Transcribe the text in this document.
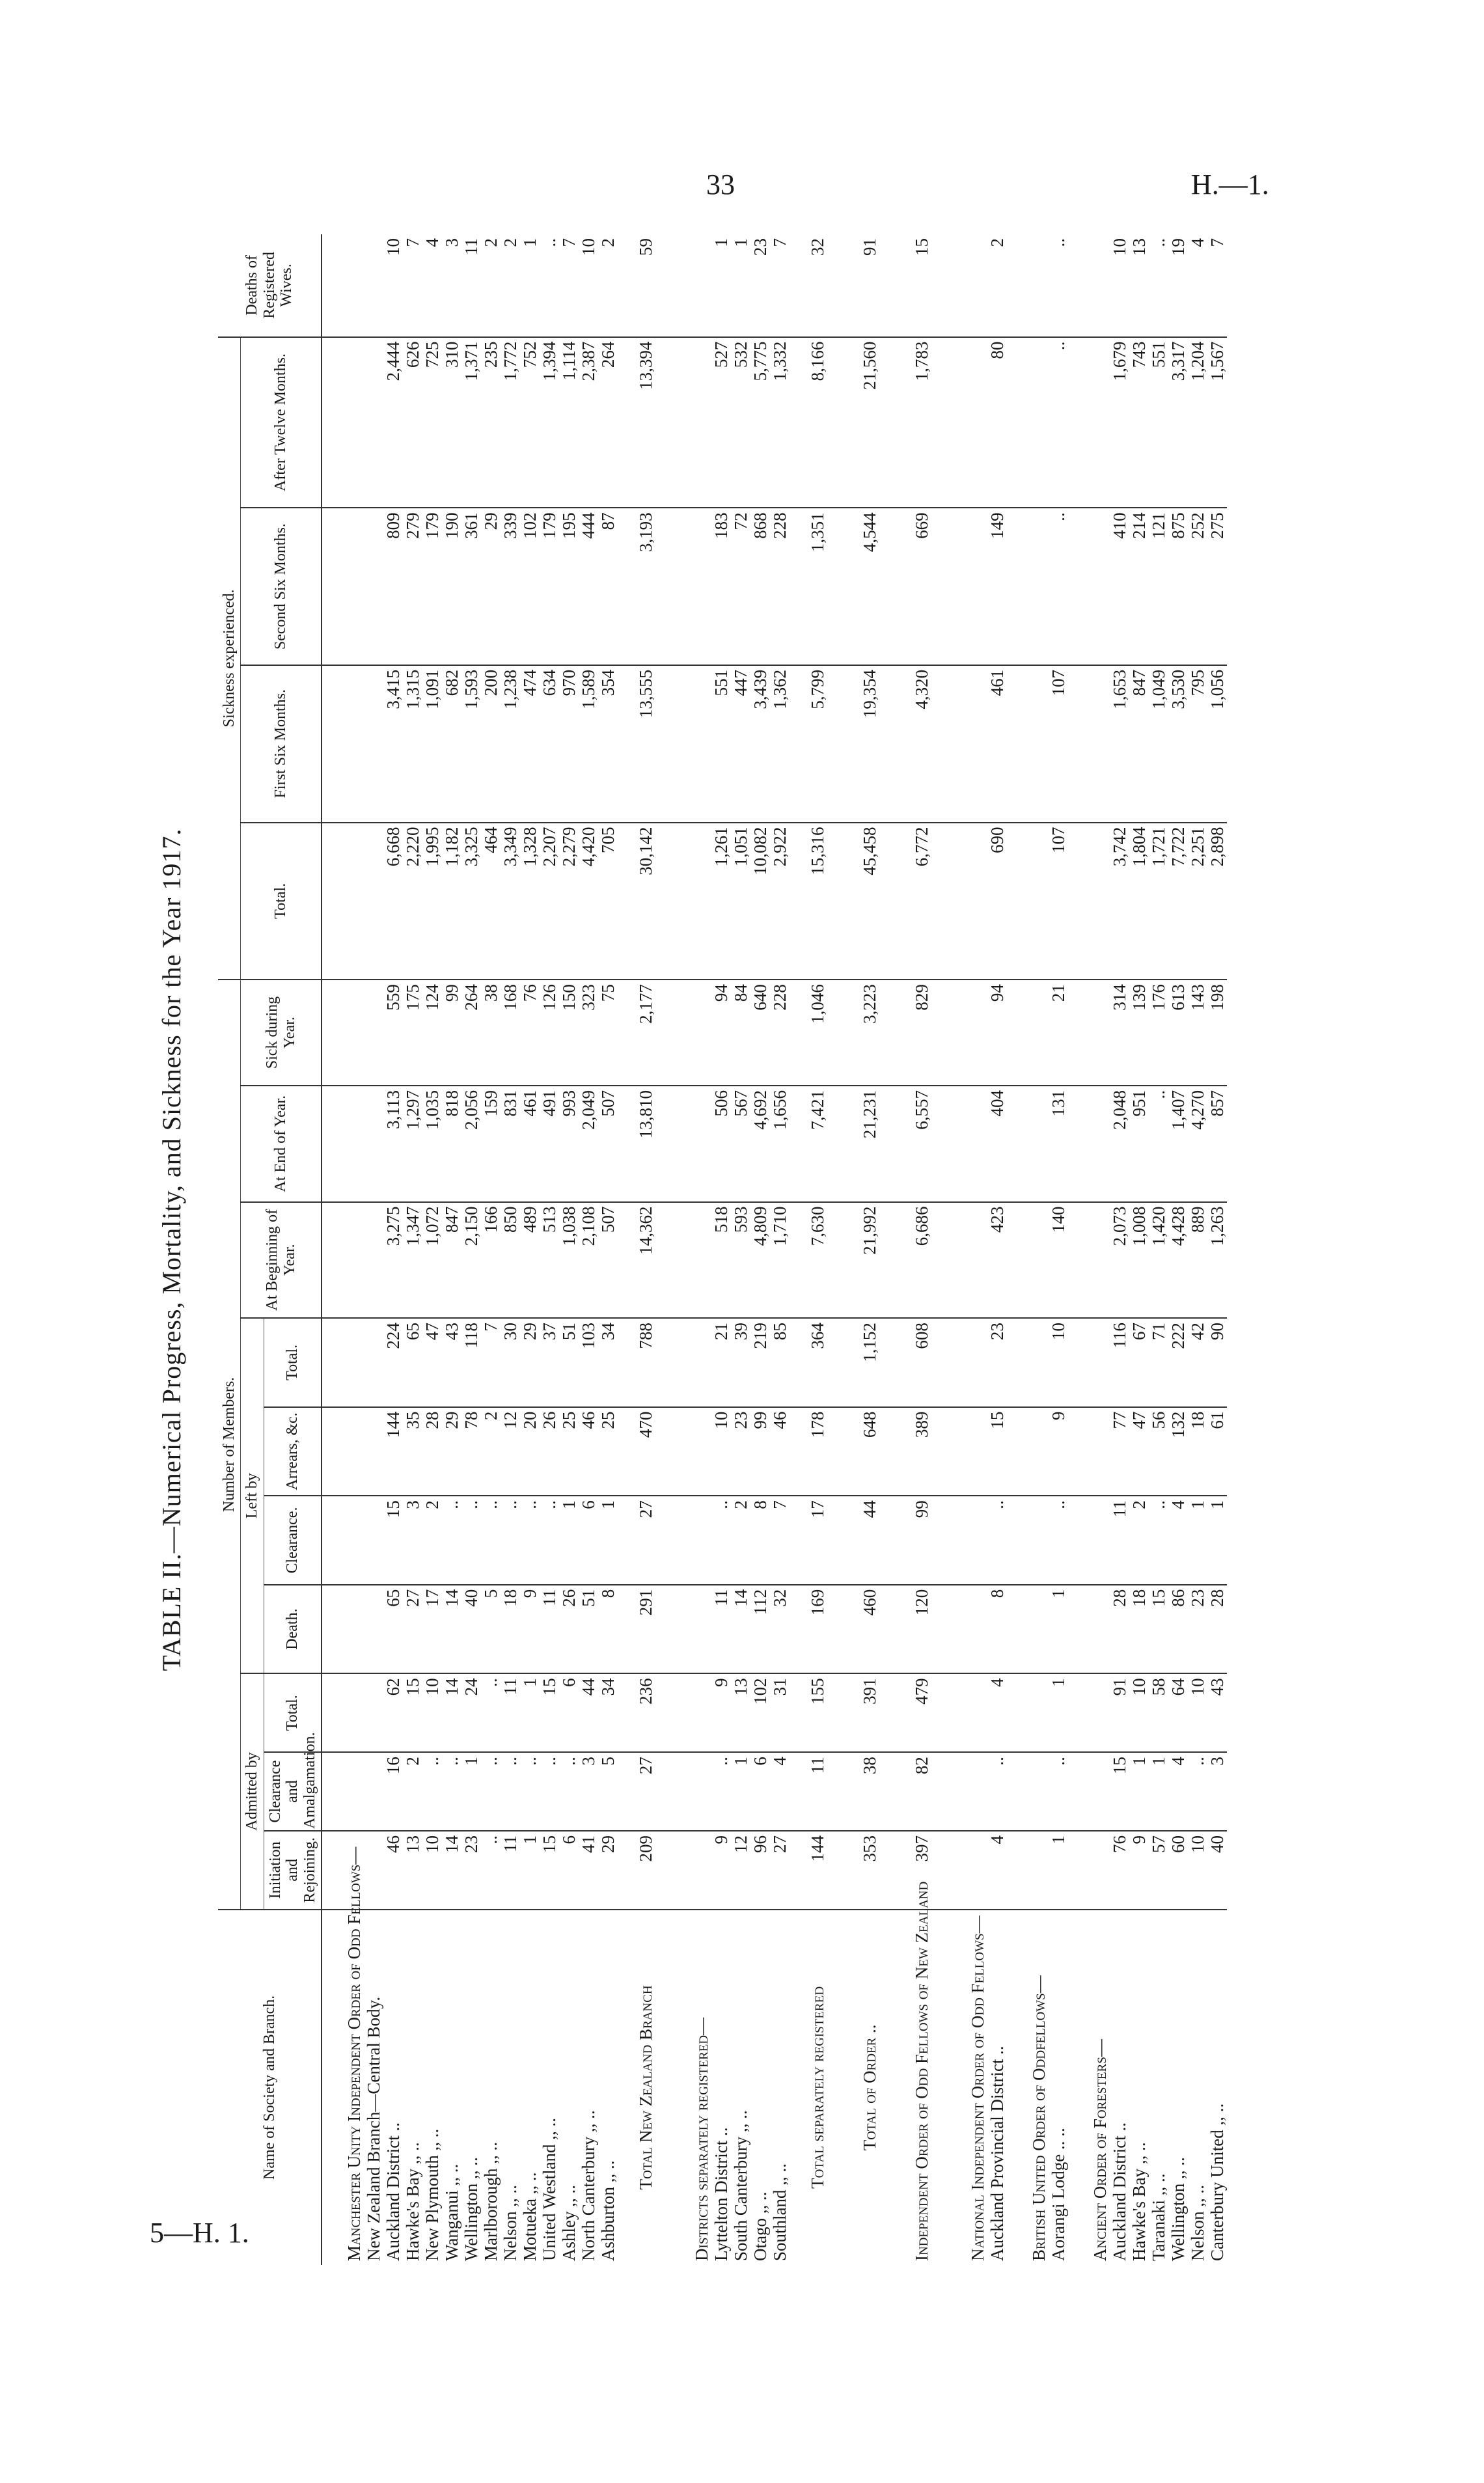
33	H.—1.
5—H. 1.
TABLE II.—Numerical Progress, Mortality, and Sickness for the Year 1917.
Name of Society and Branch.	Number of Members.										Sickness experienced.				Deaths of Registered Wives.
	Admitted by			Left by				At Beginning of Year.	At End of Year.	Sick during Year.	Total.	First Six Months.	Second Six Months.	After Twelve Months.	
	Initiation and Rejoining.	Clearance and Amalgamation.	Total.	Death.	Clearance.	Arrears, &c.	Total.								
Manchester Unity Independent Order of Odd Fellows—															
New Zealand Branch—Central Body.															
Auckland District ..	46	16	62	65	15	144	224	3,275	3,113	559	6,668	3,415	809	2,444	10
Hawke's Bay ,, ..	13	2	15	27	3	35	65	1,347	1,297	175	2,220	1,315	279	626	7
New Plymouth ,, ..	10	..	10	17	2	28	47	1,072	1,035	124	1,995	1,091	179	725	4
Wanganui ,, ..	14	..	14	14	..	29	43	847	818	99	1,182	682	190	310	3
Wellington ,, ..	23	1	24	40	..	78	118	2,150	2,056	264	3,325	1,593	361	1,371	11
Marlborough ,, ..	..	..	..	5	..	2	7	166	159	38	464	200	29	235	2
Nelson ,, ..	11	..	11	18	..	12	30	850	831	168	3,349	1,238	339	1,772	2
Motueka ,, ..	1	..	1	9	..	20	29	489	461	76	1,328	474	102	752	1
United Westland ,, ..	15	..	15	11	..	26	37	513	491	126	2,207	634	179	1,394	..
Ashley ,, ..	6	..	6	26	1	25	51	1,038	993	150	2,279	970	195	1,114	7
North Canterbury ,, ..	41	3	44	51	6	46	103	2,108	2,049	323	4,420	1,589	444	2,387	10
Ashburton ,, ..	29	5	34	8	1	25	34	507	507	75	705	354	87	264	2
Total New Zealand Branch	209	27	236	291	27	470	788	14,362	13,810	2,177	30,142	13,555	3,193	13,394	59
Districts separately registered—															
Lyttelton District ..	9	..	9	11	..	10	21	518	506	94	1,261	551	183	527	1
South Canterbury ,, ..	12	1	13	14	2	23	39	593	567	84	1,051	447	72	532	1
Otago ,, ..	96	6	102	112	8	99	219	4,809	4,692	640	10,082	3,439	868	5,775	23
Southland ,, ..	27	4	31	32	7	46	85	1,710	1,656	228	2,922	1,362	228	1,332	7
Total separately registered	144	11	155	169	17	178	364	7,630	7,421	1,046	15,316	5,799	1,351	8,166	32
Total of Order ..	353	38	391	460	44	648	1,152	21,992	21,231	3,223	45,458	19,354	4,544	21,560	91
Independent Order of Odd Fellows of New Zealand	397	82	479	120	99	389	608	6,686	6,557	829	6,772	4,320	669	1,783	15
National Independent Order of Odd Fellows—															
Auckland Provincial District ..	4	..	4	8	..	15	23	423	404	94	690	461	149	80	2
British United Order of Oddfellows—															
Aorangi Lodge .. ..	1	..	1	1	..	9	10	140	131	21	107	107	..	..	..
Ancient Order of Foresters—															
Auckland District ..	76	15	91	28	11	77	116	2,073	2,048	314	3,742	1,653	410	1,679	10
Hawke's Bay ,, ..	9	1	10	18	2	47	67	1,008	951	139	1,804	847	214	743	13
Taranaki ,, ..	57	1	58	15	..	56	71	1,420	..	176	1,721	1,049	121	551	..
Wellington ,, ..	60	4	64	86	4	132	222	4,428	1,407	613	7,722	3,530	875	3,317	19
Nelson ,, ..	10	..	10	23	1	18	42	889	4,270	143	2,251	795	252	1,204	4
Canterbury United ,, ..	40	3	43	28	1	61	90	1,263	857	198	2,898	1,056	275	1,567	7
